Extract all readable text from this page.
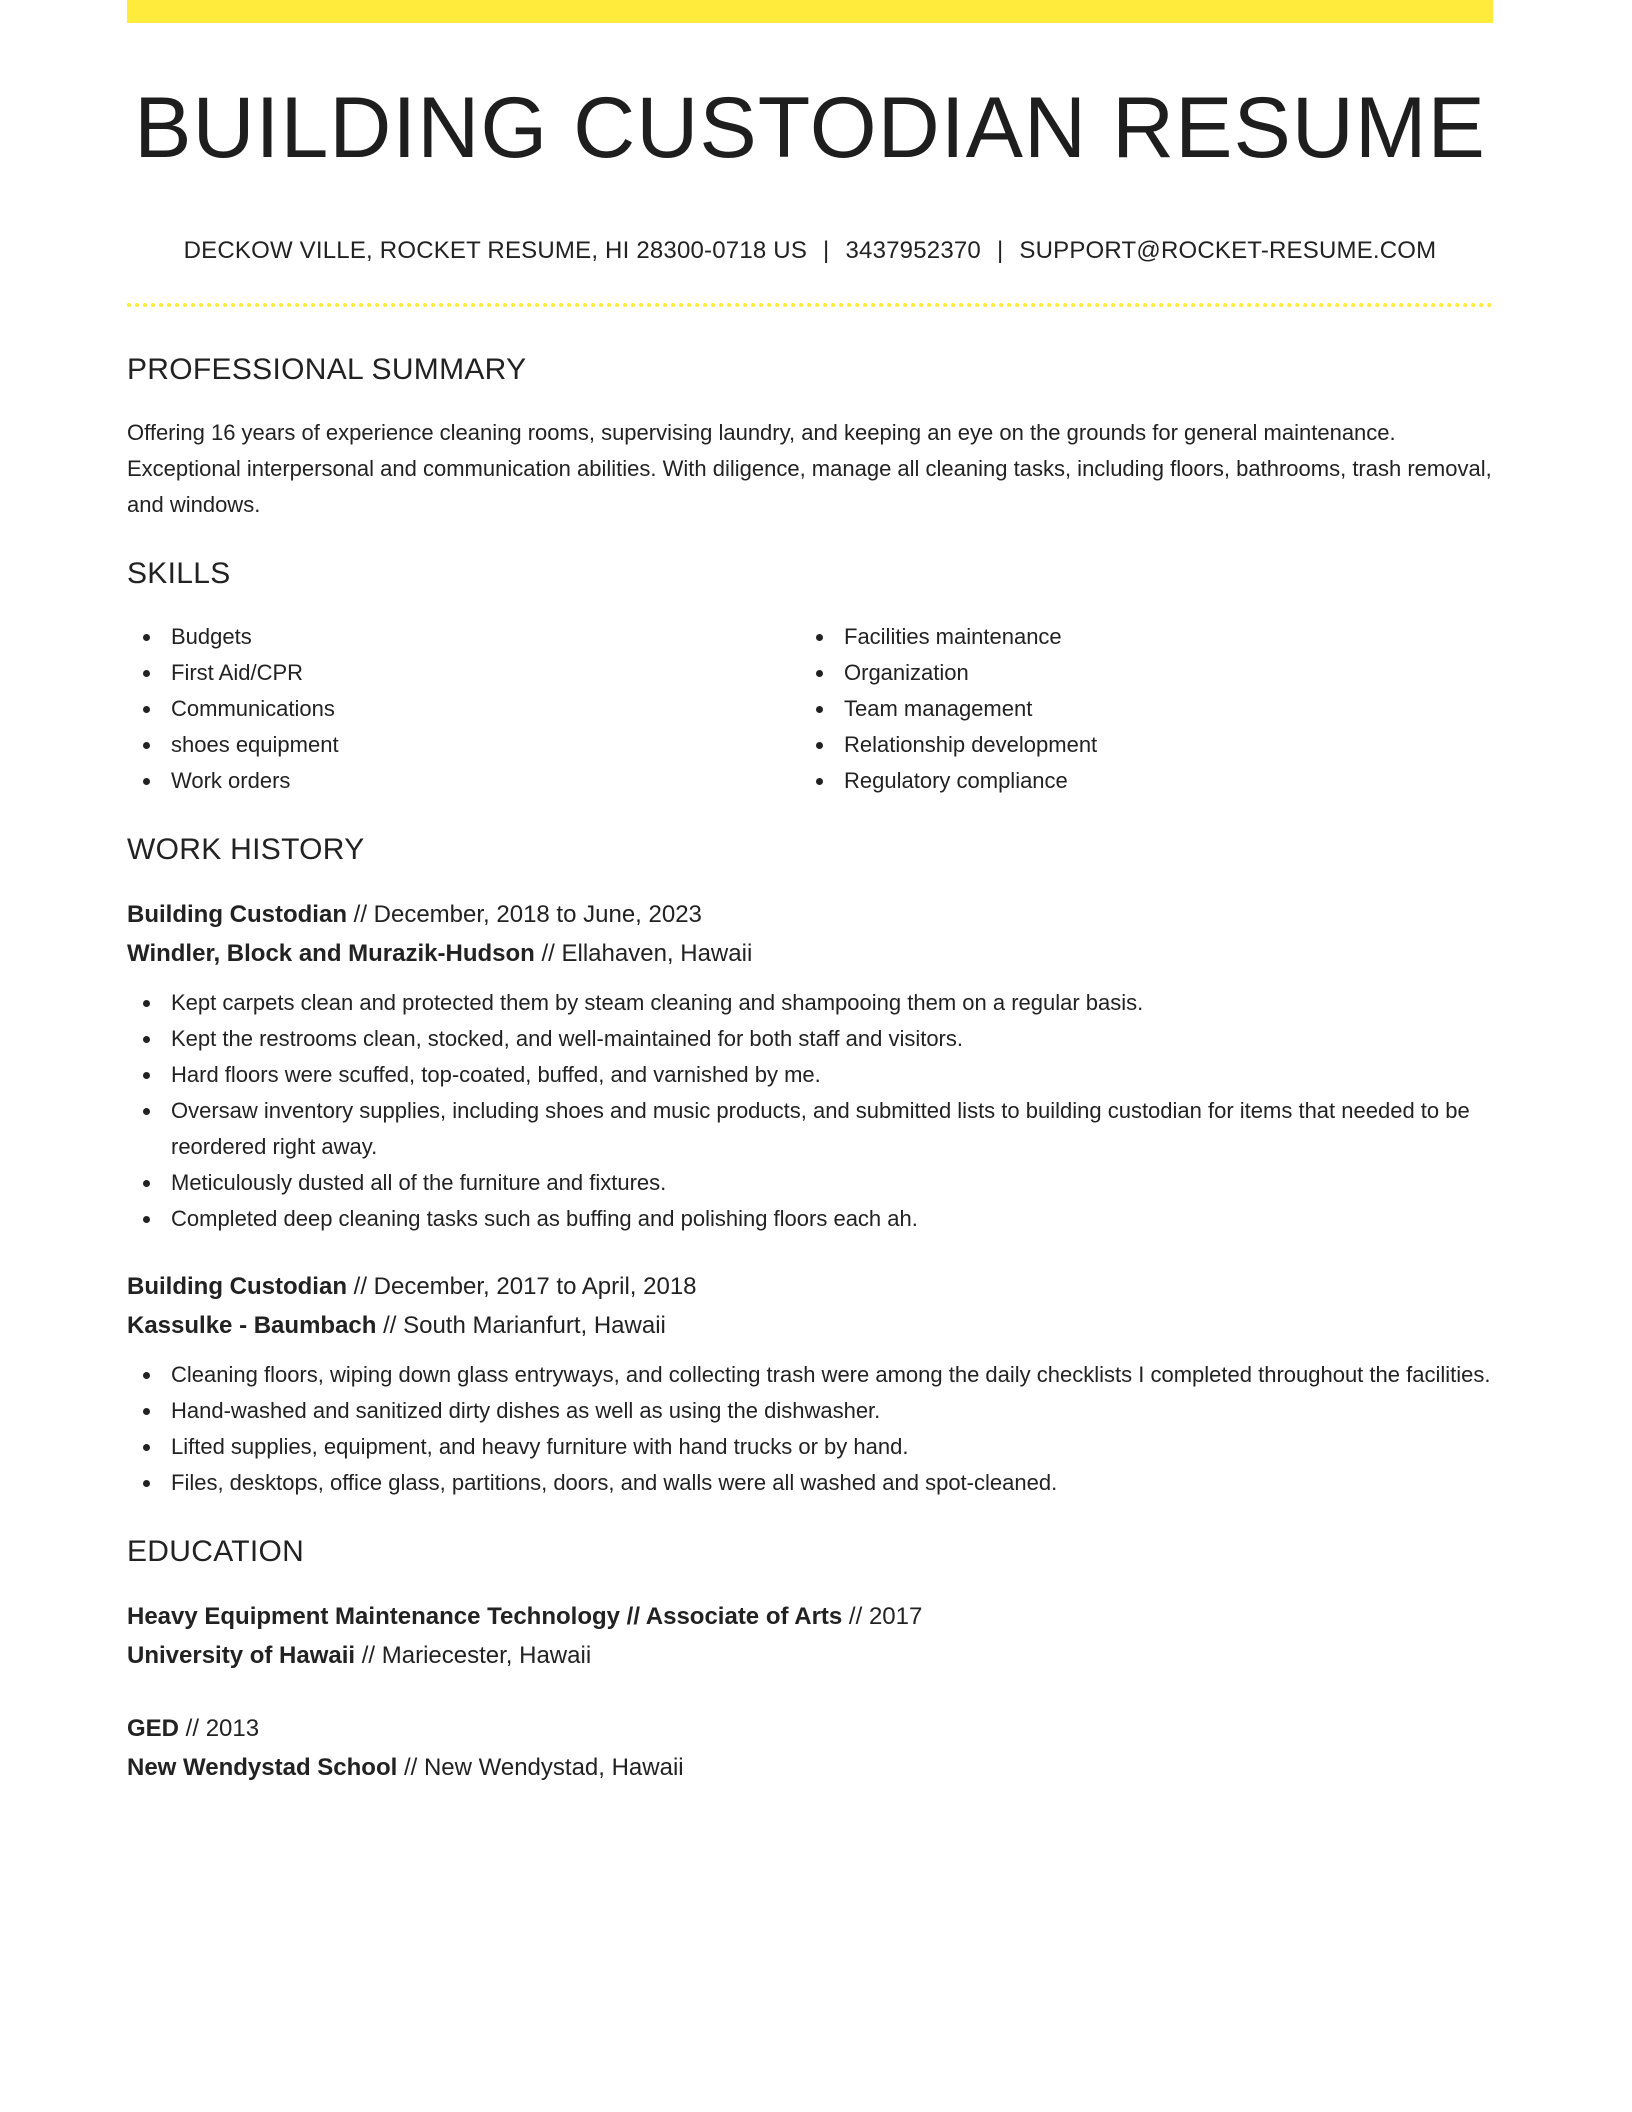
BUILDING CUSTODIAN RESUME
DECKOW VILLE, ROCKET RESUME, HI 28300-0718 US | 3437952370 | SUPPORT@ROCKET-RESUME.COM
PROFESSIONAL SUMMARY

Offering 16 years of experience cleaning rooms, supervising laundry, and keeping an eye on the grounds for general maintenance. Exceptional interpersonal and communication abilities. With diligence, manage all cleaning tasks, including floors, bathrooms, trash removal, and windows.

SKILLS
Budgets
First Aid/CPR
Communications
shoes equipment
Work orders
Facilities maintenance
Organization
Team management
Relationship development
Regulatory compliance
WORK HISTORY
Building Custodian // December, 2018 to June, 2023
Windler, Block and Murazik-Hudson // Ellahaven, Hawaii
Kept carpets clean and protected them by steam cleaning and shampooing them on a regular basis.
Kept the restrooms clean, stocked, and well-maintained for both staff and visitors.
Hard floors were scuffed, top-coated, buffed, and varnished by me.
Oversaw inventory supplies, including shoes and music products, and submitted lists to building custodian for items that needed to be reordered right away.
Meticulously dusted all of the furniture and fixtures.
Completed deep cleaning tasks such as buffing and polishing floors each ah.
Building Custodian // December, 2017 to April, 2018
Kassulke - Baumbach // South Marianfurt, Hawaii
Cleaning floors, wiping down glass entryways, and collecting trash were among the daily checklists I completed throughout the facilities.
Hand-washed and sanitized dirty dishes as well as using the dishwasher.
Lifted supplies, equipment, and heavy furniture with hand trucks or by hand.
Files, desktops, office glass, partitions, doors, and walls were all washed and spot-cleaned.
EDUCATION
Heavy Equipment Maintenance Technology // Associate of Arts // 2017
University of Hawaii // Mariecester, Hawaii
GED // 2013
New Wendystad School // New Wendystad, Hawaii
